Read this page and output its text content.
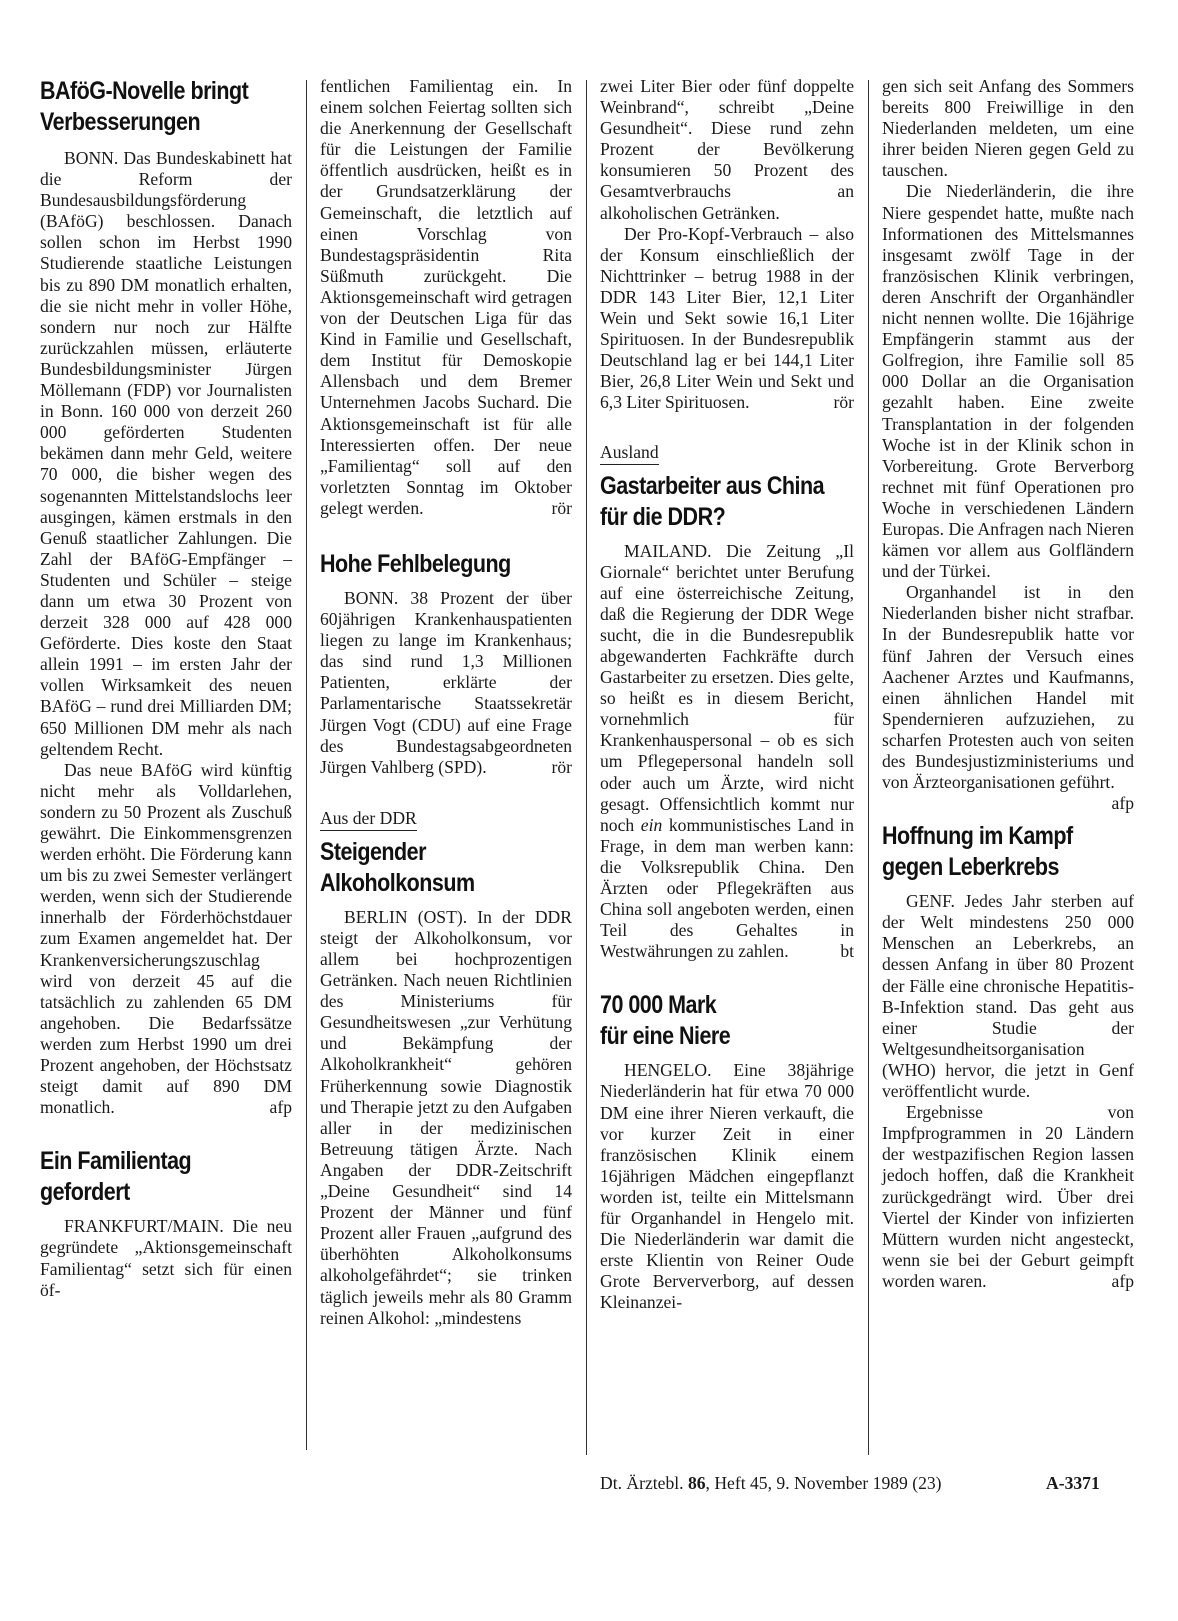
BAföG-Novelle bringt
Verbesserungen

BONN. Das Bundeskabinett hat die Reform der Bundesausbildungsförderung (BAföG) beschlossen. Danach sollen schon im Herbst 1990 Studierende staatliche Leistungen bis zu 890 DM monatlich erhalten, die sie nicht mehr in voller Höhe, sondern nur noch zur Hälfte zurückzahlen müssen, erläuterte Bundesbildungsminister Jürgen Möllemann (FDP) vor Journalisten in Bonn. 160 000 von derzeit 260 000 geförderten Studenten bekämen dann mehr Geld, weitere 70 000, die bisher wegen des sogenannten Mittelstandslochs leer ausgingen, kämen erstmals in den Genuß staatlicher Zahlungen. Die Zahl der BAföG-Empfänger – Studenten und Schüler – steige dann um etwa 30 Prozent von derzeit 328 000 auf 428 000 Geförderte. Dies koste den Staat allein 1991 – im ersten Jahr der vollen Wirksamkeit des neuen BAföG – rund drei Milliarden DM; 650 Millionen DM mehr als nach geltendem Recht.

Das neue BAföG wird künftig nicht mehr als Volldarlehen, sondern zu 50 Prozent als Zuschuß gewährt. Die Einkommensgrenzen werden erhöht. Die Förderung kann um bis zu zwei Semester verlängert werden, wenn sich der Studierende innerhalb der Förderhöchstdauer zum Examen angemeldet hat. Der Krankenversicherungszuschlag wird von derzeit 45 auf die tatsächlich zu zahlenden 65 DM angehoben. Die Bedarfssätze werden zum Herbst 1990 um drei Prozent angehoben, der Höchstsatz steigt damit auf 890 DM monatlich.	afp

Ein Familientag
gefordert

FRANKFURT/MAIN. Die neu gegründete „Aktionsgemeinschaft Familientag“ setzt sich für einen öf-

fentlichen Familientag ein. In einem solchen Feiertag sollten sich die Anerkennung der Gesellschaft für die Leistungen der Familie öffentlich ausdrücken, heißt es in der Grundsatzerklärung der Gemeinschaft, die letztlich auf einen Vorschlag von Bundestagspräsidentin Rita Süßmuth zurückgeht. Die Aktionsgemeinschaft wird getragen von der Deutschen Liga für das Kind in Familie und Gesellschaft, dem Institut für Demoskopie Allensbach und dem Bremer Unternehmen Jacobs Suchard. Die Aktionsgemeinschaft ist für alle Interessierten offen. Der neue „Familientag“ soll auf den vorletzten Sonntag im Oktober gelegt werden.	rör

Hohe Fehlbelegung

BONN. 38 Prozent der über 60jährigen Krankenhauspatienten liegen zu lange im Krankenhaus; das sind rund 1,3 Millionen Patienten, erklärte der Parlamentarische Staatssekretär Jürgen Vogt (CDU) auf eine Frage des Bundestagsabgeordneten Jürgen Vahlberg (SPD).	rör

Aus der DDR
Steigender
Alkoholkonsum

BERLIN (OST). In der DDR steigt der Alkoholkonsum, vor allem bei hochprozentigen Getränken. Nach neuen Richtlinien des Ministeriums für Gesundheitswesen „zur Verhütung und Bekämpfung der Alkoholkrankheit“ gehören Früherkennung sowie Diagnostik und Therapie jetzt zu den Aufgaben aller in der medizinischen Betreuung tätigen Ärzte. Nach Angaben der DDR-Zeitschrift „Deine Gesundheit“ sind 14 Prozent der Männer und fünf Prozent aller Frauen „aufgrund des überhöhten Alkoholkonsums alkoholgefährdet“; sie trinken täglich jeweils mehr als 80 Gramm reinen Alkohol: „mindestens

zwei Liter Bier oder fünf doppelte Weinbrand“, schreibt „Deine Gesundheit“. Diese rund zehn Prozent der Bevölkerung konsumieren 50 Prozent des Gesamtverbrauchs an alkoholischen Getränken.

Der Pro-Kopf-Verbrauch – also der Konsum einschließlich der Nichttrinker – betrug 1988 in der DDR 143 Liter Bier, 12,1 Liter Wein und Sekt sowie 16,1 Liter Spirituosen. In der Bundesrepublik Deutschland lag er bei 144,1 Liter Bier, 26,8 Liter Wein und Sekt und 6,3 Liter Spirituosen.	rör

Ausland
Gastarbeiter aus China
für die DDR?

MAILAND. Die Zeitung „Il Giornale“ berichtet unter Berufung auf eine österreichische Zeitung, daß die Regierung der DDR Wege sucht, die in die Bundesrepublik abgewanderten Fachkräfte durch Gastarbeiter zu ersetzen. Dies gelte, so heißt es in diesem Bericht, vornehmlich für Krankenhauspersonal – ob es sich um Pflegepersonal handeln soll oder auch um Ärzte, wird nicht gesagt. Offensichtlich kommt nur noch ein kommunistisches Land in Frage, in dem man werben kann: die Volksrepublik China. Den Ärzten oder Pflegekräften aus China soll angeboten werden, einen Teil des Gehaltes in Westwährungen zu zahlen.	bt

70 000 Mark
für eine Niere

HENGELO. Eine 38jährige Niederländerin hat für etwa 70 000 DM eine ihrer Nieren verkauft, die vor kurzer Zeit in einer französischen Klinik einem 16jährigen Mädchen eingepflanzt worden ist, teilte ein Mittelsmann für Organhandel in Hengelo mit. Die Niederländerin war damit die erste Klientin von Reiner Oude Grote Berververborg, auf dessen Kleinanzei-

gen sich seit Anfang des Sommers bereits 800 Freiwillige in den Niederlanden meldeten, um eine ihrer beiden Nieren gegen Geld zu tauschen.

Die Niederländerin, die ihre Niere gespendet hatte, mußte nach Informationen des Mittelsmannes insgesamt zwölf Tage in der französischen Klinik verbringen, deren Anschrift der Organhändler nicht nennen wollte. Die 16jährige Empfängerin stammt aus der Golfregion, ihre Familie soll 85 000 Dollar an die Organisation gezahlt haben. Eine zweite Transplantation in der folgenden Woche ist in der Klinik schon in Vorbereitung. Grote Berverborg rechnet mit fünf Operationen pro Woche in verschiedenen Ländern Europas. Die Anfragen nach Nieren kämen vor allem aus Golfländern und der Türkei.

Organhandel ist in den Niederlanden bisher nicht strafbar. In der Bundesrepublik hatte vor fünf Jahren der Versuch eines Aachener Arztes und Kaufmanns, einen ähnlichen Handel mit Spendernieren aufzuziehen, zu scharfen Protesten auch von seiten des Bundesjustizministeriums und von Ärzteorganisationen geführt.
afp

Hoffnung im Kampf
gegen Leberkrebs

GENF. Jedes Jahr sterben auf der Welt mindestens 250 000 Menschen an Leberkrebs, an dessen Anfang in über 80 Prozent der Fälle eine chronische Hepatitis-B-Infektion stand. Das geht aus einer Studie der Weltgesundheitsorganisation (WHO) hervor, die jetzt in Genf veröffentlicht wurde.

Ergebnisse von Impfprogrammen in 20 Ländern der westpazifischen Region lassen jedoch hoffen, daß die Krankheit zurückgedrängt wird. Über drei Viertel der Kinder von infizierten Müttern wurden nicht angesteckt, wenn sie bei der Geburt geimpft worden waren.	afp

Dt. Ärztebl. 86, Heft 45, 9. November 1989 (23)	A-3371
